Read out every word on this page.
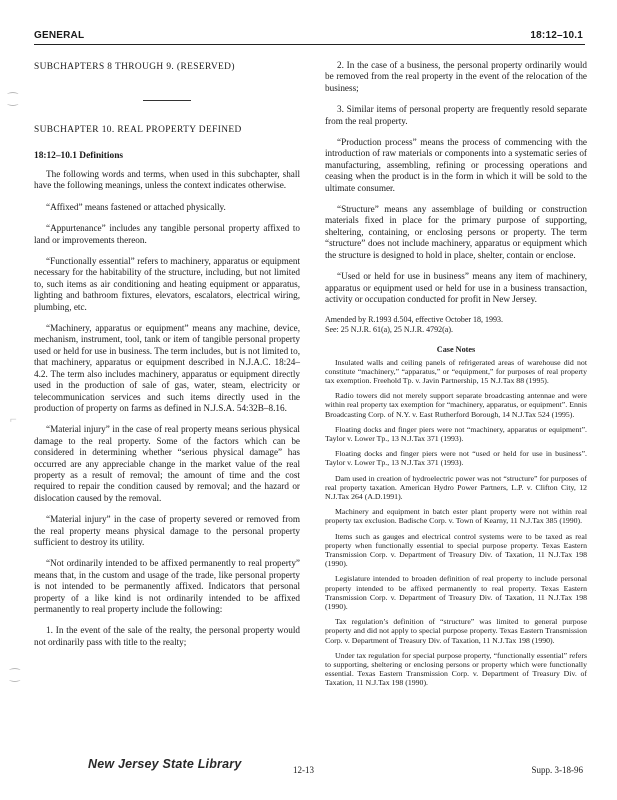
GENERAL	18:12–10.1
⁐
⌐
⁐
SUBCHAPTERS 8 THROUGH 9. (RESERVED)
SUBCHAPTER 10. REAL PROPERTY DEFINED
18:12–10.1 Definitions

The following words and terms, when used in this subchapter, shall have the following meanings, unless the context indicates otherwise.

“Affixed” means fastened or attached physically.

“Appurtenance” includes any tangible personal property affixed to land or improvements thereon.

“Functionally essential” refers to machinery, apparatus or equipment necessary for the habitability of the structure, including, but not limited to, such items as air conditioning and heating equipment or apparatus, lighting and bathroom fixtures, elevators, escalators, electrical wiring, plumbing, etc.

“Machinery, apparatus or equipment” means any machine, device, mechanism, instrument, tool, tank or item of tangible personal property used or held for use in business. The term includes, but is not limited to, that machinery, apparatus or equipment described in N.J.A.C. 18:24–4.2. The term also includes machinery, apparatus or equipment directly used in the production of sale of gas, water, steam, electricity or telecommunication services and such items directly used in the production of property on farms as defined in N.J.S.A. 54:32B–8.16.

“Material injury” in the case of real property means serious physical damage to the real property. Some of the factors which can be considered in determining whether “serious physical damage” has occurred are any appreciable change in the market value of the real property as a result of removal; the amount of time and the cost required to repair the condition caused by removal; and the hazard or dislocation caused by the removal.

“Material injury” in the case of property severed or removed from the real property means physical damage to the personal property sufficient to destroy its utility.

“Not ordinarily intended to be affixed permanently to real property” means that, in the custom and usage of the trade, like personal property is not intended to be permanently affixed. Indicators that personal property of a like kind is not ordinarily intended to be affixed permanently to real property include the following:

1. In the event of the sale of the realty, the personal property would not ordinarily pass with title to the realty;
2. In the case of a business, the personal property ordinarily would be removed from the real property in the event of the relocation of the business;
3. Similar items of personal property are frequently resold separate from the real property.

“Production process” means the process of commencing with the introduction of raw materials or components into a systematic series of manufacturing, assembling, refining or processing operations and ceasing when the product is in the form in which it will be sold to the ultimate consumer.

“Structure” means any assemblage of building or construction materials fixed in place for the primary purpose of supporting, sheltering, containing, or enclosing persons or property. The term “structure” does not include machinery, apparatus or equipment which the structure is designed to hold in place, shelter, contain or enclose.

“Used or held for use in business” means any item of machinery, apparatus or equipment used or held for use in a business transaction, activity or occupation conducted for profit in New Jersey.

Amended by R.1993 d.504, effective October 18, 1993.
See: 25 N.J.R. 61(a), 25 N.J.R. 4792(a).
Case Notes

Insulated walls and ceiling panels of refrigerated areas of warehouse did not constitute “machinery,” “apparatus,” or “equipment,” for purposes of real property tax exemption. Freehold Tp. v. Javin Partnership, 15 N.J.Tax 88 (1995).

Radio towers did not merely support separate broadcasting antennae and were within real property tax exemption for “machinery, apparatus, or equipment”. Ennis Broadcasting Corp. of N.Y. v. East Rutherford Borough, 14 N.J.Tax 524 (1995).

Floating docks and finger piers were not “machinery, apparatus or equipment”. Taylor v. Lower Tp., 13 N.J.Tax 371 (1993).

Floating docks and finger piers were not “used or held for use in business”. Taylor v. Lower Tp., 13 N.J.Tax 371 (1993).

Dam used in creation of hydroelectric power was not “structure” for purposes of real property taxation. American Hydro Power Partners, L.P. v. Clifton City, 12 N.J.Tax 264 (A.D.1991).

Machinery and equipment in batch ester plant property were not within real property tax exclusion. Badische Corp. v. Town of Kearny, 11 N.J.Tax 385 (1990).

Items such as gauges and electrical control systems were to be taxed as real property when functionally essential to special purpose property. Texas Eastern Transmission Corp. v. Department of Treasury Div. of Taxation, 11 N.J.Tax 198 (1990).

Legislature intended to broaden definition of real property to include personal property intended to be affixed permanently to real property. Texas Eastern Transmission Corp. v. Department of Treasury Div. of Taxation, 11 N.J.Tax 198 (1990).

Tax regulation’s definition of “structure” was limited to general purpose property and did not apply to special purpose property. Texas Eastern Transmission Corp. v. Department of Treasury Div. of Taxation, 11 N.J.Tax 198 (1990).

Under tax regulation for special purpose property, “functionally essential” refers to supporting, sheltering or enclosing persons or property which were functionally essential. Texas Eastern Transmission Corp. v. Department of Treasury Div. of Taxation, 11 N.J.Tax 198 (1990).

New Jersey State Library	12-13	Supp. 3-18-96
